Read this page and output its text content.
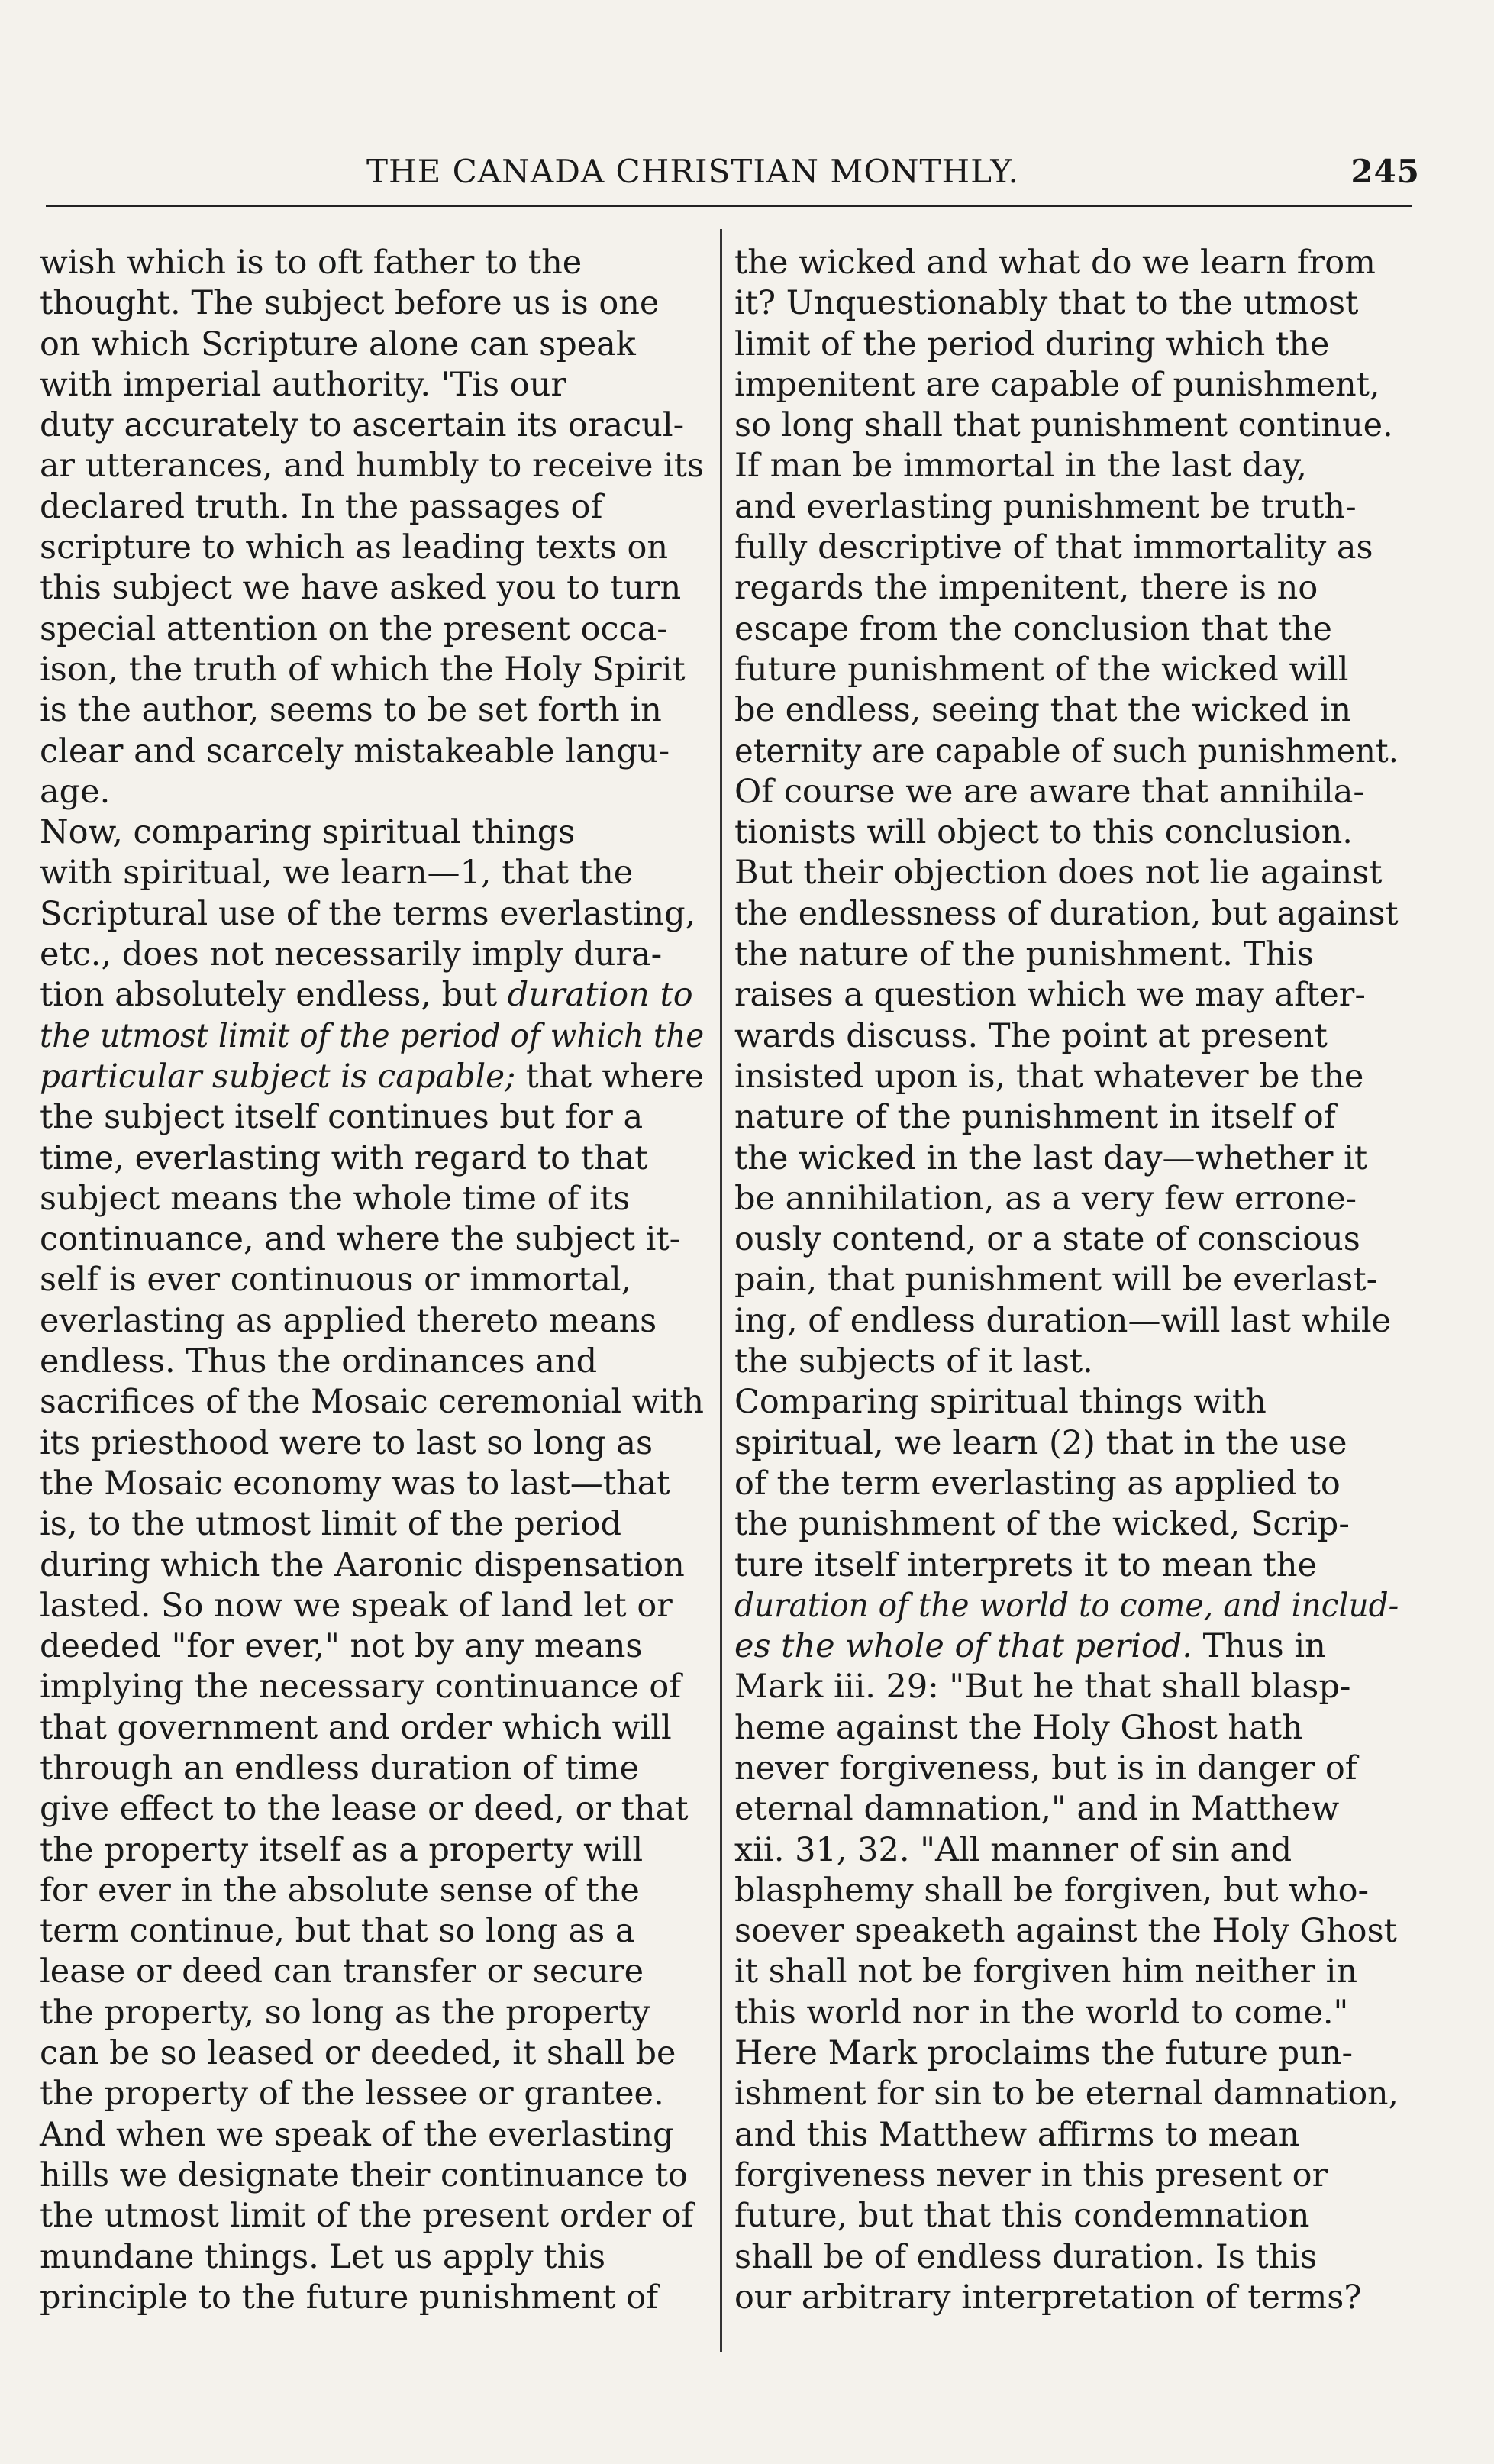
THE CANADA CHRISTIAN MONTHLY.	245
wish which is to oft father to the
thought. The subject before us is one
on which Scripture alone can speak
with imperial authority. 'Tis our
duty accurately to ascertain its oracul-
ar utterances, and humbly to receive its
declared truth. In the passages of
scripture to which as leading texts on
this subject we have asked you to turn
special attention on the present occa-
ison, the truth of which the Holy Spirit
is the author, seems to be set forth in
clear and scarcely mistakeable langu-
age.
Now, comparing spiritual things
with spiritual, we learn—1, that the
Scriptural use of the terms everlasting,
etc., does not necessarily imply dura-
tion absolutely endless, but duration to
the utmost limit of the period of which the
particular subject is capable; that where
the subject itself continues but for a
time, everlasting with regard to that
subject means the whole time of its
continuance, and where the subject it-
self is ever continuous or immortal,
everlasting as applied thereto means
endless. Thus the ordinances and
sacrifices of the Mosaic ceremonial with
its priesthood were to last so long as
the Mosaic economy was to last—that
is, to the utmost limit of the period
during which the Aaronic dispensation
lasted. So now we speak of land let or
deeded "for ever," not by any means
implying the necessary continuance of
that government and order which will
through an endless duration of time
give effect to the lease or deed, or that
the property itself as a property will
for ever in the absolute sense of the
term continue, but that so long as a
lease or deed can transfer or secure
the property, so long as the property
can be so leased or deeded, it shall be
the property of the lessee or grantee.
And when we speak of the everlasting
hills we designate their continuance to
the utmost limit of the present order of
mundane things. Let us apply this
principle to the future punishment of
the wicked and what do we learn from
it? Unquestionably that to the utmost
limit of the period during which the
impenitent are capable of punishment,
so long shall that punishment continue.
If man be immortal in the last day,
and everlasting punishment be truth-
fully descriptive of that immortality as
regards the impenitent, there is no
escape from the conclusion that the
future punishment of the wicked will
be endless, seeing that the wicked in
eternity are capable of such punishment.
Of course we are aware that annihila-
tionists will object to this conclusion.
But their objection does not lie against
the endlessness of duration, but against
the nature of the punishment. This
raises a question which we may after-
wards discuss. The point at present
insisted upon is, that whatever be the
nature of the punishment in itself of
the wicked in the last day—whether it
be annihilation, as a very few errone-
ously contend, or a state of conscious
pain, that punishment will be everlast-
ing, of endless duration—will last while
the subjects of it last.
Comparing spiritual things with
spiritual, we learn (2) that in the use
of the term everlasting as applied to
the punishment of the wicked, Scrip-
ture itself interprets it to mean the
duration of the world to come, and includ-
es the whole of that period. Thus in
Mark iii. 29: "But he that shall blasp-
heme against the Holy Ghost hath
never forgiveness, but is in danger of
eternal damnation," and in Matthew
xii. 31, 32. "All manner of sin and
blasphemy shall be forgiven, but who-
soever speaketh against the Holy Ghost
it shall not be forgiven him neither in
this world nor in the world to come."
Here Mark proclaims the future pun-
ishment for sin to be eternal damnation,
and this Matthew affirms to mean
forgiveness never in this present or
future, but that this condemnation
shall be of endless duration. Is this
our arbitrary interpretation of terms?
